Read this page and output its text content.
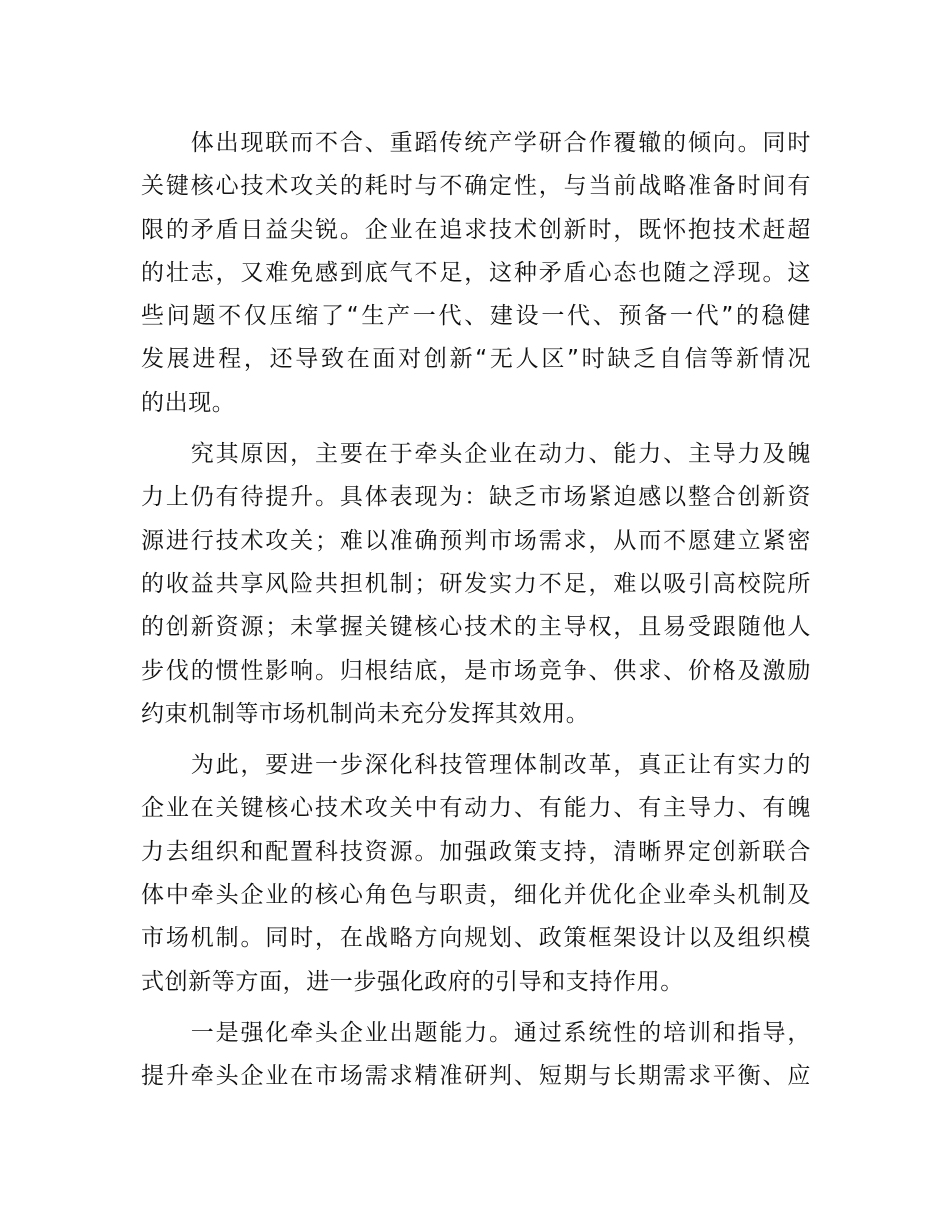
　　体出现联而不合、重蹈传统产学研合作覆辙的倾向。同时
关键核心技术攻关的耗时与不确定性，与当前战略准备时间有
限的矛盾日益尖锐。企业在追求技术创新时，既怀抱技术赶超
的壮志，又难免感到底气不足，这种矛盾心态也随之浮现。这
些问题不仅压缩了“生产一代、建设一代、预备一代”的稳健
发展进程，还导致在面对创新“无人区”时缺乏自信等新情况
的出现。
　　究其原因，主要在于牵头企业在动力、能力、主导力及魄
力上仍有待提升。具体表现为：缺乏市场紧迫感以整合创新资
源进行技术攻关；难以准确预判市场需求，从而不愿建立紧密
的收益共享风险共担机制；研发实力不足，难以吸引高校院所
的创新资源；未掌握关键核心技术的主导权，且易受跟随他人
步伐的惯性影响。归根结底，是市场竞争、供求、价格及激励
约束机制等市场机制尚未充分发挥其效用。
　　为此，要进一步深化科技管理体制改革，真正让有实力的
企业在关键核心技术攻关中有动力、有能力、有主导力、有魄
力去组织和配置科技资源。加强政策支持，清晰界定创新联合
体中牵头企业的核心角色与职责，细化并优化企业牵头机制及
市场机制。同时，在战略方向规划、政策框架设计以及组织模
式创新等方面，进一步强化政府的引导和支持作用。
　　一是强化牵头企业出题能力。通过系统性的培训和指导，
提升牵头企业在市场需求精准研判、短期与长期需求平衡、应
